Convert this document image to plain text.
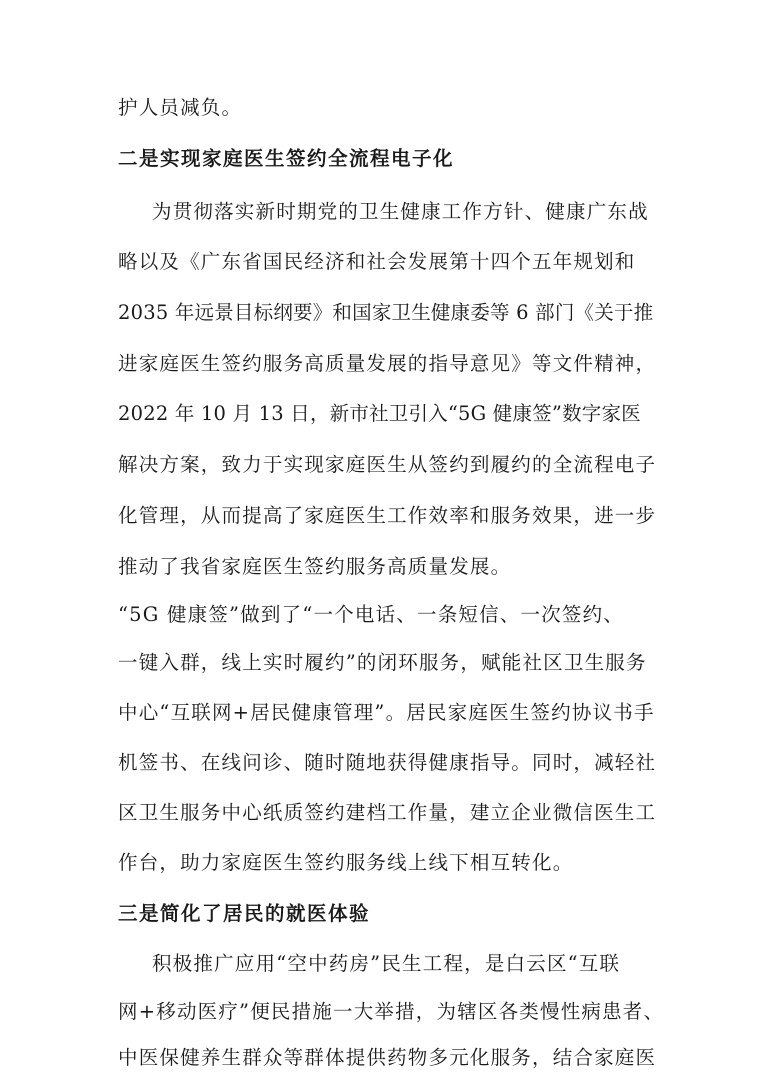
护人员减负。
二是实现家庭医生签约全流程电子化
为贯彻落实新时期党的卫生健康工作方针、健康广东战
略以及《广东省国民经济和社会发展第十四个五年规划和
2035 年远景目标纲要》和国家卫生健康委等 6 部门《关于推
进家庭医生签约服务高质量发展的指导意见》等文件精神，
2022 年 10 月 13 日，新市社卫引入“5G 健康签”数字家医
解决方案，致力于实现家庭医生从签约到履约的全流程电子
化管理，从而提高了家庭医生工作效率和服务效果，进一步
推动了我省家庭医生签约服务高质量发展。
“5G 健康签”做到了“一个电话、一条短信、一次签约、
一键入群，线上实时履约”的闭环服务，赋能社区卫生服务
中心“互联网+居民健康管理”。居民家庭医生签约协议书手
机签书、在线问诊、随时随地获得健康指导。同时，减轻社
区卫生服务中心纸质签约建档工作量，建立企业微信医生工
作台，助力家庭医生签约服务线上线下相互转化。
三是简化了居民的就医体验
积极推广应用“空中药房”民生工程，是白云区“互联
网+移动医疗”便民措施一大举措，为辖区各类慢性病患者、
中医保健养生群众等群体提供药物多元化服务，结合家庭医
